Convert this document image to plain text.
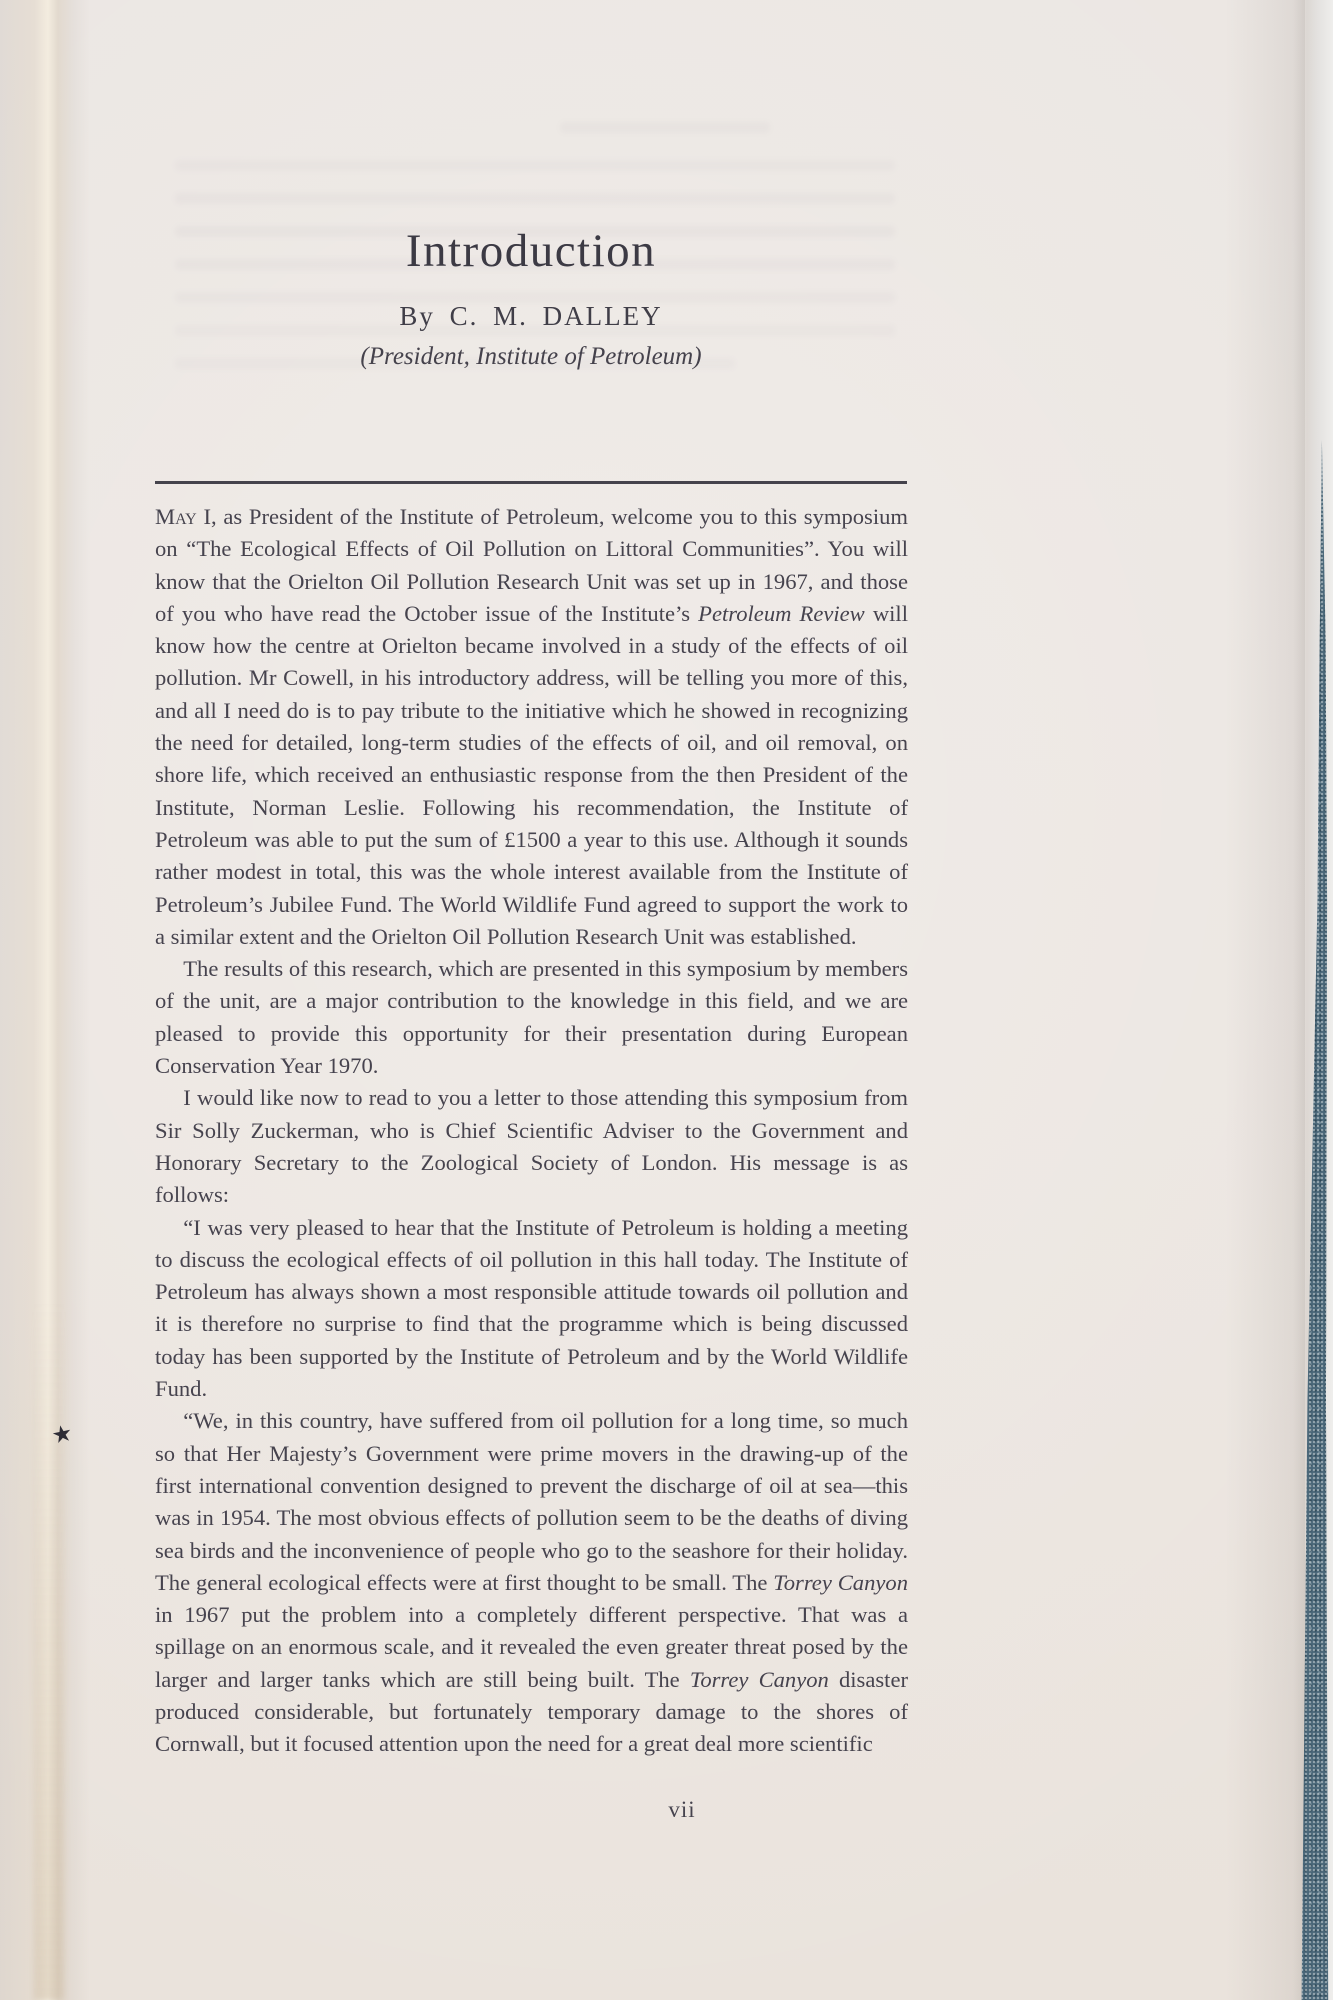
Introduction
By C. M. DALLEY
(President, Institute of Petroleum)

May I, as President of the Institute of Petroleum, welcome you to this symposium on “The Ecological Effects of Oil Pollution on Littoral Communities”. You will know that the Orielton Oil Pollution Research Unit was set up in 1967, and those of you who have read the October issue of the Institute’s Petroleum Review will know how the centre at Orielton became involved in a study of the effects of oil pollution. Mr Cowell, in his introductory address, will be telling you more of this, and all I need do is to pay tribute to the initiative which he showed in recognizing the need for detailed, long-term studies of the effects of oil, and oil removal, on shore life, which received an enthusiastic response from the then President of the Institute, Norman Leslie. Following his recommendation, the Institute of Petroleum was able to put the sum of £1500 a year to this use. Although it sounds rather modest in total, this was the whole interest available from the Institute of Petroleum’s Jubilee Fund. The World Wildlife Fund agreed to support the work to a similar extent and the Orielton Oil Pollution Research Unit was established.

The results of this research, which are presented in this symposium by members of the unit, are a major contribution to the knowledge in this field, and we are pleased to provide this opportunity for their presentation during European Conservation Year 1970.

I would like now to read to you a letter to those attending this symposium from Sir Solly Zuckerman, who is Chief Scientific Adviser to the Government and Honorary Secretary to the Zoological Society of London. His message is as follows:

“I was very pleased to hear that the Institute of Petroleum is holding a meeting to discuss the ecological effects of oil pollution in this hall today. The Institute of Petroleum has always shown a most responsible attitude towards oil pollution and it is therefore no surprise to find that the programme which is being discussed today has been supported by the Institute of Petroleum and by the World Wildlife Fund.

“We, in this country, have suffered from oil pollution for a long time, so much so that Her Majesty’s Government were prime movers in the drawing-up of the first international convention designed to prevent the discharge of oil at sea—this was in 1954. The most obvious effects of pollution seem to be the deaths of diving sea birds and the inconvenience of people who go to the seashore for their holiday. The general ecological effects were at first thought to be small. The Torrey Canyon in 1967 put the problem into a completely different perspective. That was a spillage on an enormous scale, and it revealed the even greater threat posed by the larger and larger tanks which are still being built. The Torrey Canyon disaster produced considerable, but fortunately temporary damage to the shores of Cornwall, but it focused attention upon the need for a great deal more scientific

vii
